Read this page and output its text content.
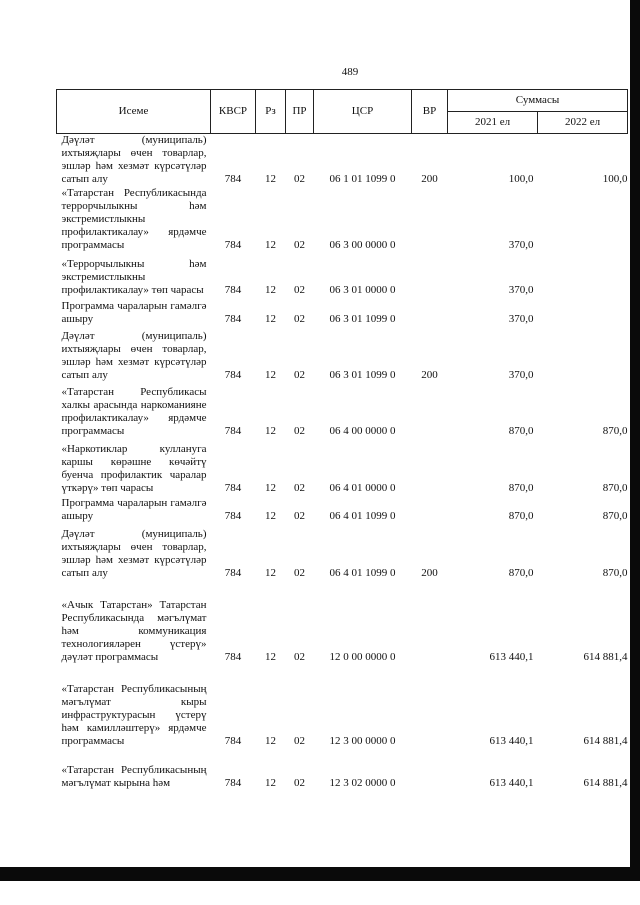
489
Исеме	КВСР	Рз	ПР	ЦСР	ВР	Суммасы	
						2021 ел	2022 ел
Дәүләт (муниципаль) ихтыяҗлары өчен товарлар, эшләр һәм хезмәт күрсәтүләр сатып алу	784	12	02	06 1 01 1099 0	200	100,0	100,0
«Татарстан Республикасында террорчылыкны һәм экстремистлыкны профилактикалау» ярдәмче программасы	784	12	02	06 3 00 0000 0		370,0	
«Террорчылыкны һәм экстремистлыкны профилактикалау» төп чарасы	784	12	02	06 3 01 0000 0		370,0	
Программа чараларын гамәлгә ашыру	784	12	02	06 3 01 1099 0		370,0	
Дәүләт (муниципаль) ихтыяҗлары өчен товарлар, эшләр һәм хезмәт күрсәтүләр сатып алу	784	12	02	06 3 01 1099 0	200	370,0	
«Татарстан Республикасы халкы арасында наркоманияне профилактикалау» ярдәмче программасы	784	12	02	06 4 00 0000 0		870,0	870,0
«Наркотиклар куллануга каршы көрәшне көчәйтү буенча профилактик чаралар үткәрү» төп чарасы	784	12	02	06 4 01 0000 0		870,0	870,0
Программа чараларын гамәлгә ашыру	784	12	02	06 4 01 1099 0		870,0	870,0
Дәүләт (муниципаль) ихтыяҗлары өчен товарлар, эшләр һәм хезмәт күрсәтүләр сатып алу	784	12	02	06 4 01 1099 0	200	870,0	870,0
«Ачык Татарстан» Татарстан Республикасында мәгълүмат һәм коммуникация технологияләрен үстерү» дәүләт программасы	784	12	02	12 0 00 0000 0		613 440,1	614 881,4
«Татарстан Республикасының мәгълүмат кыры инфраструктурасын үстерү һәм камилләштерү» ярдәмче программасы	784	12	02	12 3 00 0000 0		613 440,1	614 881,4
«Татарстан Республикасының мәгълүмат кырына һәм	784	12	02	12 3 02 0000 0		613 440,1	614 881,4
